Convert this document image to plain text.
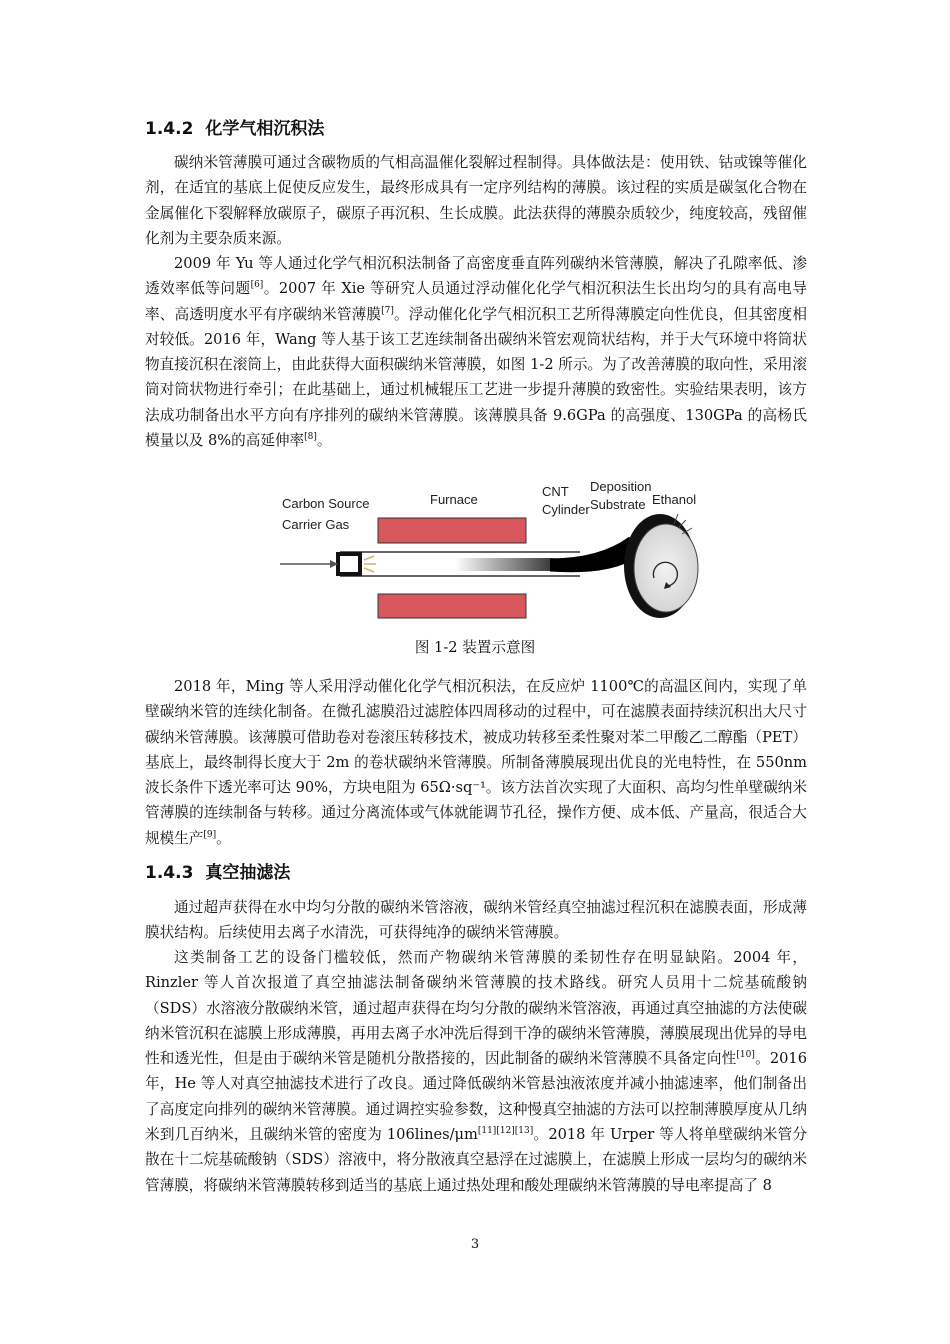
1.4.2 化学气相沉积法

碳纳米管薄膜可通过含碳物质的气相高温催化裂解过程制得。具体做法是：使用铁、钴或镍等催化剂，在适宜的基底上促使反应发生，最终形成具有一定序列结构的薄膜。该过程的实质是碳氢化合物在金属催化下裂解释放碳原子，碳原子再沉积、生长成膜。此法获得的薄膜杂质较少，纯度较高，残留催化剂为主要杂质来源。

2009 年 Yu 等人通过化学气相沉积法制备了高密度垂直阵列碳纳米管薄膜，解决了孔隙率低、渗透效率低等问题[6]。2007 年 Xie 等研究人员通过浮动催化化学气相沉积法生长出均匀的具有高电导率、高透明度水平有序碳纳米管薄膜[7]。浮动催化化学气相沉积工艺所得薄膜定向性优良，但其密度相对较低。2016 年，Wang 等人基于该工艺连续制备出碳纳米管宏观筒状结构，并于大气环境中将筒状物直接沉积在滚筒上，由此获得大面积碳纳米管薄膜，如图 1-2 所示。为了改善薄膜的取向性，采用滚筒对筒状物进行牵引；在此基础上，通过机械辊压工艺进一步提升薄膜的致密性。实验结果表明，该方法成功制备出水平方向有序排列的碳纳米管薄膜。该薄膜具备 9.6GPa 的高强度、130GPa 的高杨氏模量以及 8%的高延伸率[8]。

Carbon Source
Carrier Gas
Furnace
CNT
Cylinder
Deposition
Substrate Ethanol
图 1-2 装置示意图

2018 年，Ming 等人采用浮动催化化学气相沉积法，在反应炉 1100℃的高温区间内，实现了单壁碳纳米管的连续化制备。在微孔滤膜沿过滤腔体四周移动的过程中，可在滤膜表面持续沉积出大尺寸碳纳米管薄膜。该薄膜可借助卷对卷滚压转移技术，被成功转移至柔性聚对苯二甲酸乙二醇酯（PET）基底上，最终制得长度大于 2m 的卷状碳纳米管薄膜。所制备薄膜展现出优良的光电特性，在 550nm 波长条件下透光率可达 90%，方块电阻为 65Ω·sq⁻¹。该方法首次实现了大面积、高均匀性单壁碳纳米管薄膜的连续制备与转移。通过分离流体或气体就能调节孔径，操作方便、成本低、产量高，很适合大规模生产[9]。

1.4.3 真空抽滤法

通过超声获得在水中均匀分散的碳纳米管溶液，碳纳米管经真空抽滤过程沉积在滤膜表面，形成薄膜状结构。后续使用去离子水清洗，可获得纯净的碳纳米管薄膜。

这类制备工艺的设备门槛较低，然而产物碳纳米管薄膜的柔韧性存在明显缺陷。2004 年，Rinzler 等人首次报道了真空抽滤法制备碳纳米管薄膜的技术路线。研究人员用十二烷基硫酸钠（SDS）水溶液分散碳纳米管，通过超声获得在均匀分散的碳纳米管溶液，再通过真空抽滤的方法使碳纳米管沉积在滤膜上形成薄膜，再用去离子水冲洗后得到干净的碳纳米管薄膜，薄膜展现出优异的导电性和透光性，但是由于碳纳米管是随机分散搭接的，因此制备的碳纳米管薄膜不具备定向性[10]。2016 年，He 等人对真空抽滤技术进行了改良。通过降低碳纳米管悬浊液浓度并减小抽滤速率，他们制备出了高度定向排列的碳纳米管薄膜。通过调控实验参数，这种慢真空抽滤的方法可以控制薄膜厚度从几纳米到几百纳米，且碳纳米管的密度为 106lines/μm[11][12][13]。2018 年 Urper 等人将单壁碳纳米管分散在十二烷基硫酸钠（SDS）溶液中，将分散液真空悬浮在过滤膜上，在滤膜上形成一层均匀的碳纳米管薄膜，将碳纳米管薄膜转移到适当的基底上通过热处理和酸处理碳纳米管薄膜的导电率提高了 8

3
